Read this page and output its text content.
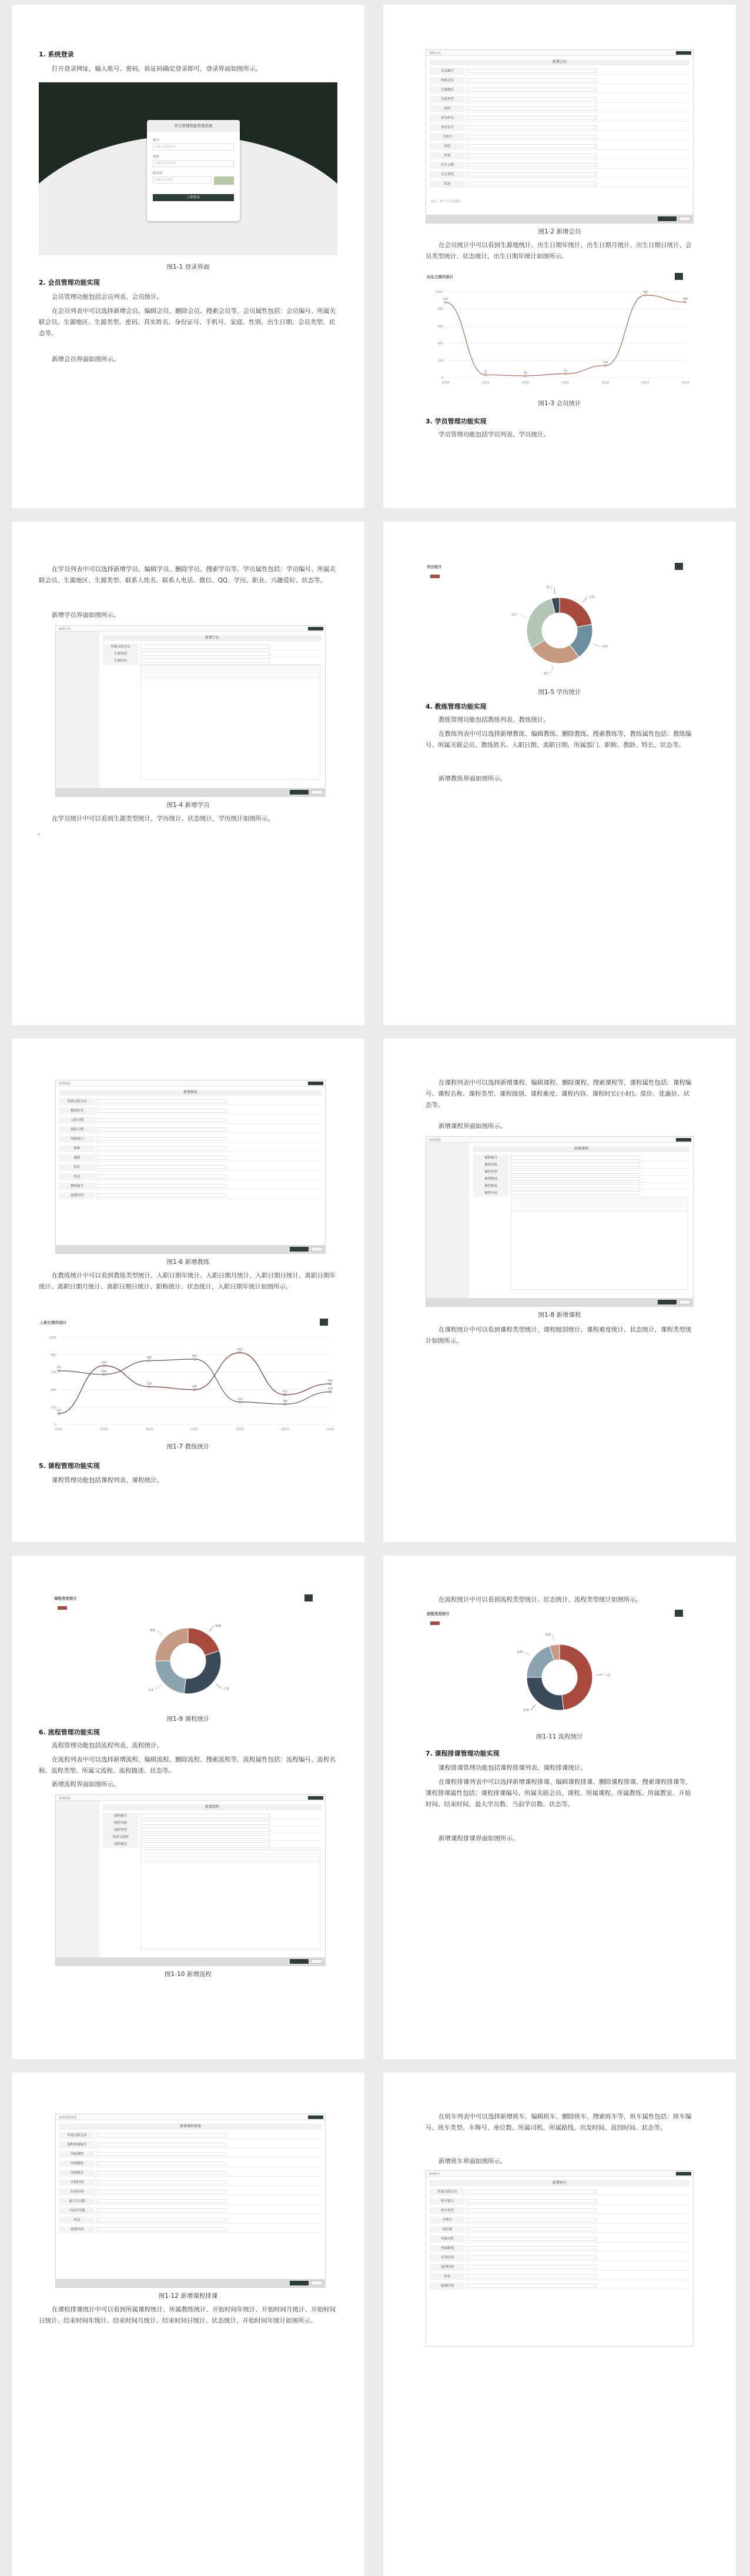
1. 系统登录
打开登录网址，输入账号、密码，验证码确定登录即可，登录界面如图所示。
学生管理智能管理系统
账号
请输入您的账号
密码
请输入您的密码
验证码
请输入验证码
立即登录
图1-1 登录界面
2. 会员管理功能实现
会员管理功能包括会员列表、会员统计。
在会员列表中可以选择新增会员、编辑会员、删除会员、搜索会员等，会员属性包括：会员编号、所属关联会员、生源地区、生源类型、密码、真实姓名、身份证号、手机号、家庭、性别、出生日期、会员类型、状态等。
新增会员界面如图所示。
新增会员
新增会员
会员编号
所属会员
生源地区
生源类型
密码
真实姓名
身份证号
手机号
家庭
性别
出生日期
会员类型
状态
提示：带 * 号为必填项
图1-2 新增会员
在会员统计中可以看到生源地统计、出生日期年统计、出生日期月统计、出生日期日统计、会员类型统计、状态统计，出生日期年统计如图所示。
出生日期年统计
0
200
400
600
800
1000
2018	2019	2020	2021	2022	2023	2024
876
32	20
45
140
960
880
图1-3 会员统计
3. 学员管理功能实现
学员管理功能包括学员列表、学员统计。
在学员列表中可以选择新增学员、编辑学员、删除学员、搜索学员等，学员属性包括：学员编号、所属关联会员、生源地区、生源类型、联系人姓名、联系人电话、微信、QQ、学历、职业、兴趣爱好、状态等。
新增学员界面如图所示。
新增学员
新增学员
所属关联会员
生源类型
生源内容
图1-4 新增学员
在学员统计中可以看到生源类型统计、学历统计、状态统计，学历统计如图所示。
。
学历统计
本科
专科
硕士
高中
博士
图1-5 学历统计
4. 教练管理功能实现
教练管理功能包括教练列表、教练统计。
在教练列表中可以选择新增教练、编辑教练、删除教练、搜索教练等，教练属性包括：教练编号、所属关联会员、教练姓名、入职日期、离职日期、所属部门、职称、教龄、特长、状态等。
新增教练界面如图所示。
新增教练
新增教练
所属关联会员
教练姓名
入职日期
离职日期
所属部门
职称
教龄
特长
状态
教练编号
创建时间
图1-6 新增教练
在教练统计中可以看到教练类型统计、入职日期年统计、入职日期月统计、入职日期日统计、离职日期年统计、离职日期月统计、离职日期日统计、职称统计、状态统计，入职日期年统计如图所示。
入职日期年统计
0
240
480
720
960
1200
2018	2019	2020	2021	2022	2023	2024
150
810
520
480
990
410
560
740
690
880	900
310
280
450
图1-7 教练统计
5. 课程管理功能实现
课程管理功能包括课程列表、课程统计。
在课程列表中可以选择新增课程、编辑课程、删除课程、搜索课程等，课程属性包括：课程编号、课程名称、课程类型、课程级别、课程难度、课程内容、课程时长(小时)、原价、优惠价、状态等。
新增课程界面如图所示。
新增课程
新增课程
课程编号
课程名称
课程类型
课程级别
课程难度
课程内容
图1-8 新增课程
在课程统计中可以看到课程类型统计、课程级别统计、课程难度统计、状态统计，课程类型统计如图所示。
课程类型统计
瑜伽
力量
有氧
舞蹈
图1-9 课程统计
6. 流程管理功能实现
流程管理功能包括流程列表、流程统计。
在流程列表中可以选择新增流程、编辑流程、删除流程、搜索流程等，流程属性包括：流程编号、流程名称、流程类型、所属父流程、流程描述、状态等。
新增流程界面如图所示。
新增流程
新增流程
流程编号
流程名称
流程类型
所属父流程
流程描述
图1-10 新增流程
在流程统计中可以看到流程类型统计、状态统计，流程类型统计如图所示。
流程类型统计
入会
续费
退费
转课
图1-11 流程统计
7. 课程排课管理功能实现
课程排课管理功能包括课程排课列表、课程排课统计。
在课程排课列表中可以选择新增课程排课、编辑课程排课、删除课程排课、搜索课程排课等，课程排课属性包括：课程排课编号、所属关联会员、课程、所属课程、所属教练、所属教室、开始时间、结束时间、最大学员数、当前学员数、状态等。
新增课程排课界面如图所示。
新增课程排课
新增课程排课
所属关联会员
课程排课编号
所属课程
所属教练
所属教室
开始时间
结束时间
最大学员数
当前学员数
状态
创建时间
图1-12 新增课程排课
在课程排课统计中可以看到所属课程统计、所属教练统计、开始时间年统计、开始时间月统计、开始时间日统计、结束时间年统计、结束时间月统计、结束时间日统计、状态统计，开始时间年统计如图所示。
在班车列表中可以选择新增班车、编辑班车、删除班车、搜索班车等，班车属性包括：班车编号、班车类型、车牌号、座位数、所属司机、所属路线、出发时间、返回时间、状态等。
新增班车界面如图所示。
新增班车
新增班车
所属关联会员
班车编号
班车类型
车牌号
座位数
所属司机
所属路线
出发时间
返回时间
状态
创建时间
